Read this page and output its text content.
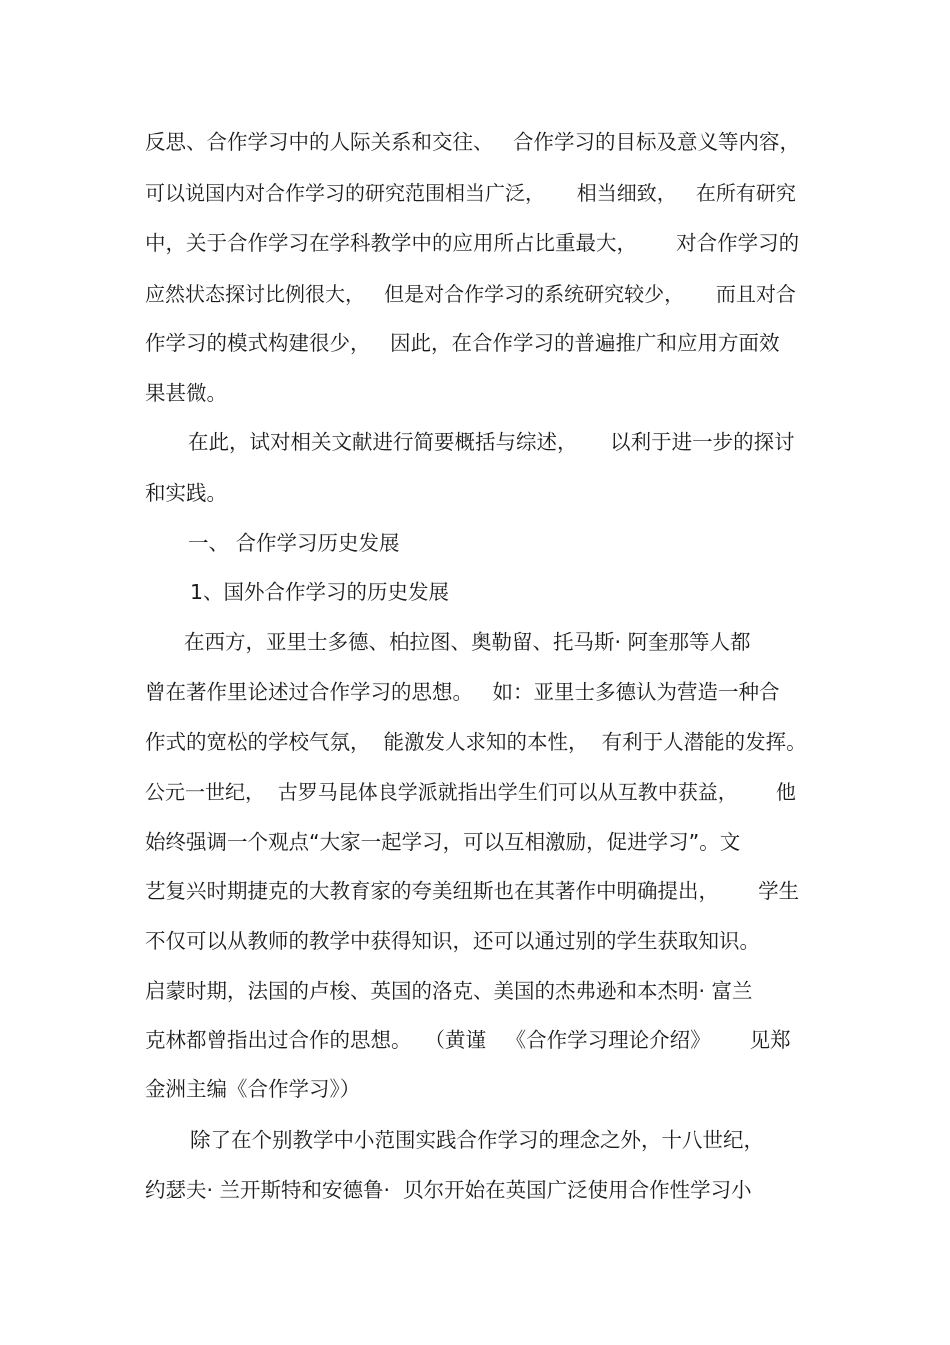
反思、合作学习中的人际关系和交往、   合作学习的目标及意义等内容，

可以说国内对合作学习的研究范围相当广泛，     相当细致，   在所有研究

中，关于合作学习在学科教学中的应用所占比重最大，      对合作学习的

应然状态探讨比例很大，   但是对合作学习的系统研究较少，     而且对合

作学习的模式构建很少，   因此，在合作学习的普遍推广和应用方面效

果甚微。

在此，试对相关文献进行简要概括与综述，     以利于进一步的探讨

和实践。

一、 合作学习历史发展

1、国外合作学习的历史发展

在西方，亚里士多德、柏拉图、奥勒留、托马斯· 阿奎那等人都

曾在著作里论述过合作学习的思想。   如：亚里士多德认为营造一种合

作式的宽松的学校气氛，  能激发人求知的本性，  有利于人潜能的发挥。

公元一世纪，  古罗马昆体良学派就指出学生们可以从互教中获益，      他

始终强调一个观点“大家一起学习，可以互相激励，促进学习”。文

艺复兴时期捷克的大教育家的夸美纽斯也在其著作中明确提出，      学生

不仅可以从教师的教学中获得知识，还可以通过别的学生获取知识。

启蒙时期，法国的卢梭、英国的洛克、美国的杰弗逊和本杰明· 富兰

克林都曾指出过合作的思想。  （黄谨   《合作学习理论介绍》      见郑

金洲主编《合作学习》）

除了在个别教学中小范围实践合作学习的理念之外，十八世纪，

约瑟夫· 兰开斯特和安德鲁·  贝尔开始在英国广泛使用合作性学习小
